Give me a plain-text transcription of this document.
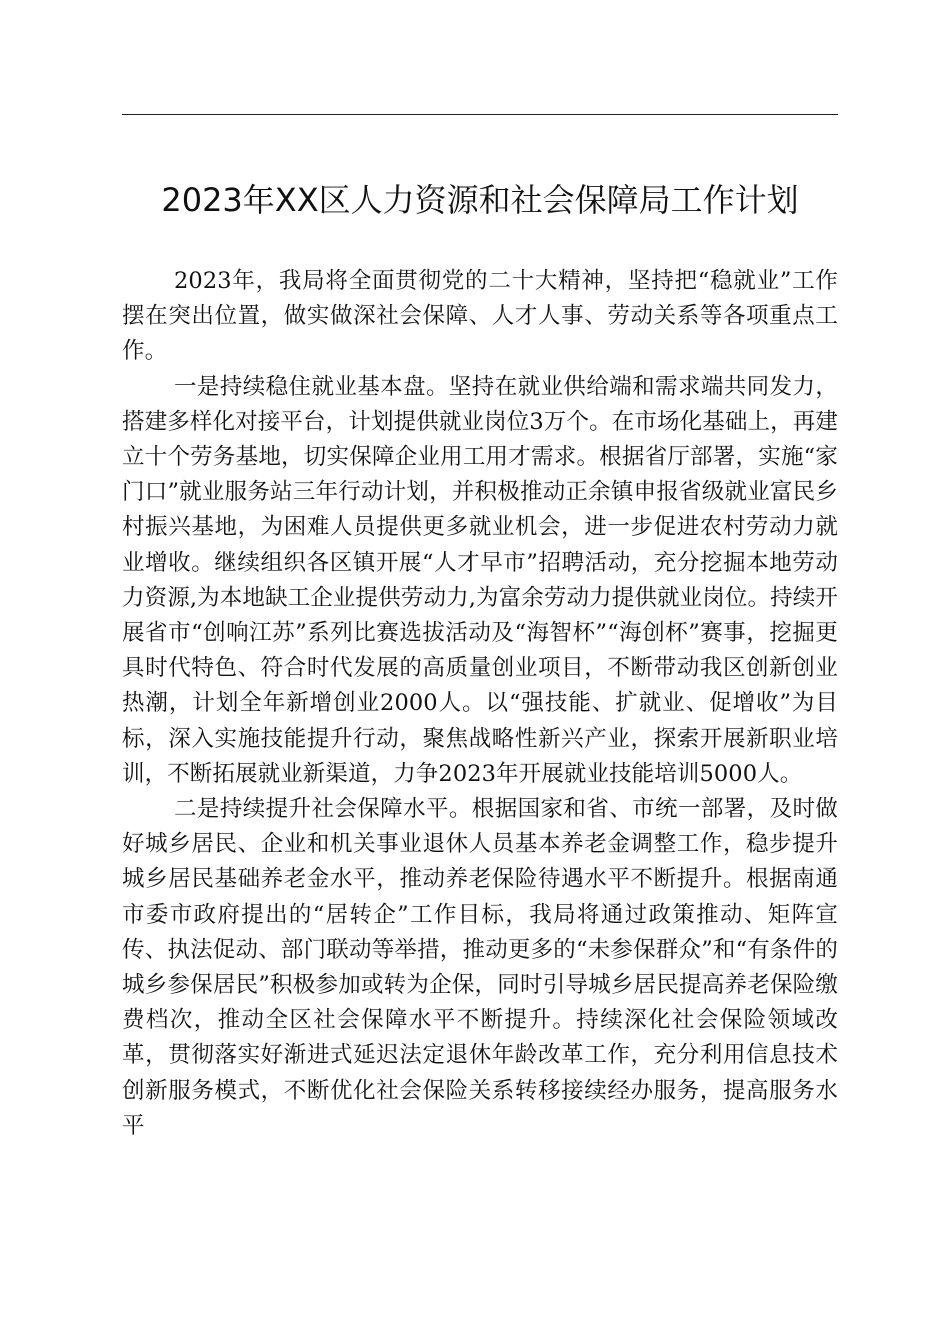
2023年XX区人力资源和社会保障局工作计划

2023年，我局将全面贯彻党的二十大精神，坚持把“稳就业”工作摆在突出位置，做实做深社会保障、人才人事、劳动关系等各项重点工作。

一是持续稳住就业基本盘。坚持在就业供给端和需求端共同发力，搭建多样化对接平台，计划提供就业岗位3万个。在市场化基础上，再建立十个劳务基地，切实保障企业用工用才需求。根据省厅部署，实施“家门口”就业服务站三年行动计划，并积极推动正余镇申报省级就业富民乡村振兴基地，为困难人员提供更多就业机会，进一步促进农村劳动力就业增收。继续组织各区镇开展“人才早市”招聘活动，充分挖掘本地劳动力资源,为本地缺工企业提供劳动力,为富余劳动力提供就业岗位。持续开展省市“创响江苏”系列比赛选拔活动及“海智杯”“海创杯”赛事，挖掘更具时代特色、符合时代发展的高质量创业项目，不断带动我区创新创业热潮，计划全年新增创业2000人。以“强技能、扩就业、促增收”为目标，深入实施技能提升行动，聚焦战略性新兴产业，探索开展新职业培训，不断拓展就业新渠道，力争2023年开展就业技能培训5000人。

二是持续提升社会保障水平。根据国家和省、市统一部署，及时做好城乡居民、企业和机关事业退休人员基本养老金调整工作，稳步提升城乡居民基础养老金水平，推动养老保险待遇水平不断提升。根据南通市委市政府提出的“居转企”工作目标，我局将通过政策推动、矩阵宣传、执法促动、部门联动等举措，推动更多的“未参保群众”和“有条件的城乡参保居民”积极参加或转为企保，同时引导城乡居民提高养老保险缴费档次，推动全区社会保障水平不断提升。持续深化社会保险领域改革，贯彻落实好渐进式延迟法定退休年龄改革工作，充分利用信息技术创新服务模式，不断优化社会保险关系转移接续经办服务，提高服务水平
